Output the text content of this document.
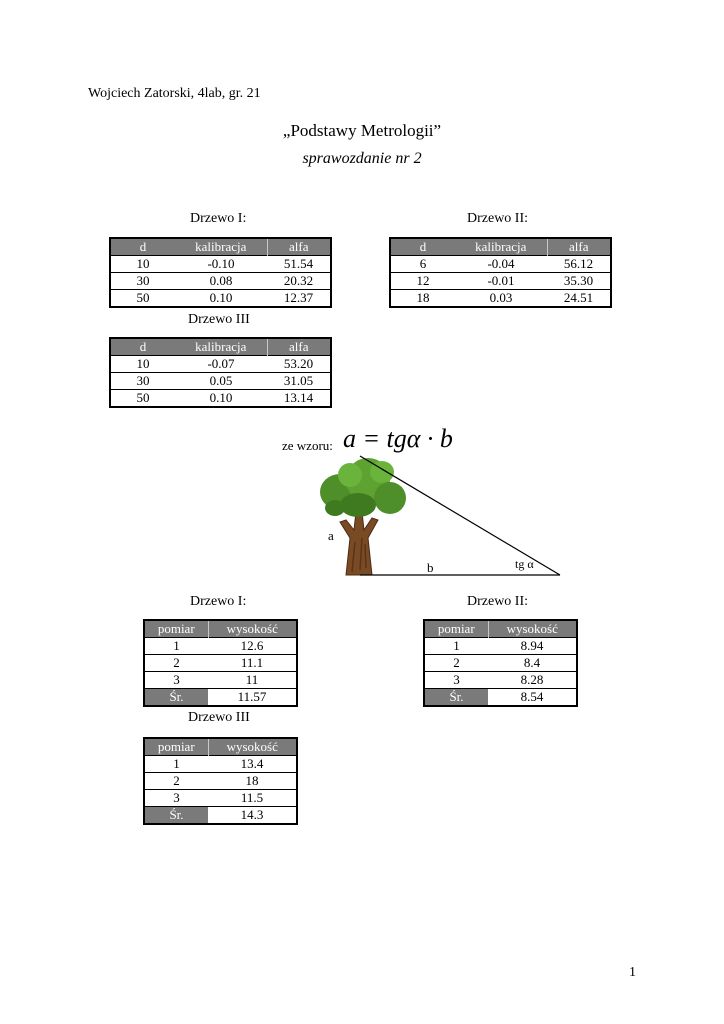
Wojciech Zatorski, 4lab, gr. 21
„Podstawy Metrologii”
sprawozdanie nr 2
Drzewo I:
d	kalibracja	alfa
10	-0.10	51.54
30	0.08	20.32
50	0.10	12.37
Drzewo II:
d	kalibracja	alfa
6	-0.04	56.12
12	-0.01	35.30
18	0.03	24.51
Drzewo III
d	kalibracja	alfa
10	-0.07	53.20
30	0.05	31.05
50	0.10	13.14
ze wzoru: a = tgα · b
a
b	tg α
Drzewo I:
pomiar	wysokość
1	12.6
2	11.1
3	11
Śr.	11.57
Drzewo II:
pomiar	wysokość
1	8.94
2	8.4
3	8.28
Śr.	8.54
Drzewo III
pomiar	wysokość
1	13.4
2	18
3	11.5
Śr.	14.3
1
